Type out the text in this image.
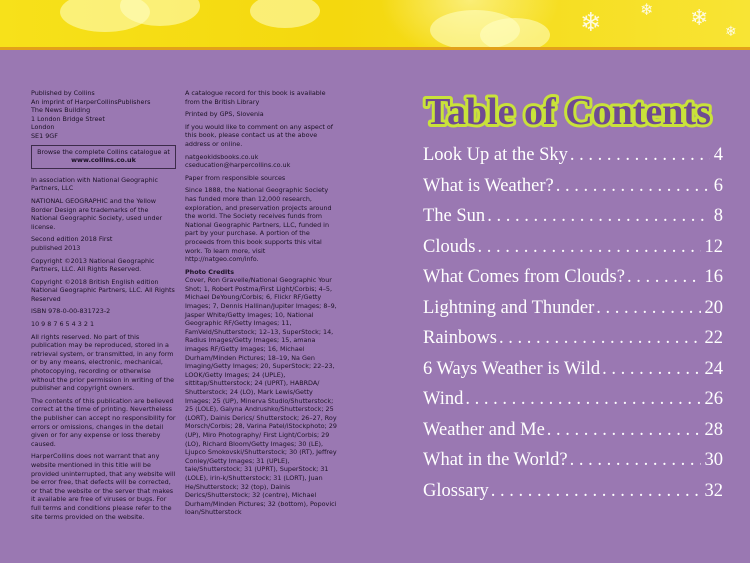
❄ ❄ ❄
❄

Published by Collins
An imprint of HarperCollinsPublishers
The News Building
1 London Bridge Street
London
SE1 9GF

Browse the complete Collins catalogue at
www.collins.co.uk

In association with National Geographic Partners, LLC

NATIONAL GEOGRAPHIC and the Yellow Border Design are trademarks of the National Geographic Society, used under license.

Second edition 2018 First published 2013

Copyright ©2013 National Geographic Partners, LLC. All Rights Reserved.

Copyright ©2018 British English edition National Geographic Partners, LLC. All Rights Reserved

ISBN 978-0-00-831723-2

10 9 8 7 6 5 4 3 2 1

All rights reserved. No part of this publication may be reproduced, stored in a retrieval system, or transmitted, in any form or by any means, electronic, mechanical, photocopying, recording or otherwise without the prior permission in writing of the publisher and copyright owners.

The contents of this publication are believed correct at the time of printing. Nevertheless the publisher can accept no responsibility for errors or omissions, changes in the detail given or for any expense or loss thereby caused.

HarperCollins does not warrant that any website mentioned in this title will be provided uninterrupted, that any website will be error free, that defects will be corrected, or that the website or the server that makes it available are free of viruses or bugs. For full terms and conditions please refer to the site terms provided on the website.

A catalogue record for this book is available from the British Library

Printed by GPS, Slovenia

If you would like to comment on any aspect of this book, please contact us at the above address or online.

natgeokidsbooks.co.uk cseducation@harpercollins.co.uk

Paper from responsible sources

Since 1888, the National Geographic Society has funded more than 12,000 research, exploration, and preservation projects around the world. The Society receives funds from National Geographic Partners, LLC, funded in part by your purchase. A portion of the proceeds from this book supports this vital work. To learn more, visit http://natgeo.com/info.

Photo Credits

Cover, Ron Gravelle/National Geographic Your Shot; 1, Robert Postma/First Light/Corbis; 4–5, Michael DeYoung/Corbis; 6, Flickr RF/Getty Images; 7, Dennis Hallinan/Jupiter Images; 8–9, Jasper White/Getty Images; 10, National Geographic RF/Getty Images; 11, FamVeld/Shutterstock; 12–13, SuperStock; 14, Radius Images/Getty Images; 15, amana images RF/Getty Images; 16, Michael Durham/Minden Pictures; 18–19, Na Gen Imaging/Getty Images; 20, SuperStock; 22–23, LOOK/Getty Images; 24 (UPLE), sittitap/Shutterstock; 24 (UPRT), HABRDA/ Shutterstock; 24 (LO), Mark Lewis/Getty Images; 25 (UP), Minerva Studio/Shutterstock; 25 (LOLE), Galyna Andrushko/Shutterstock; 25 (LORT), Dainis Derics/ Shutterstock; 26–27, Roy Morsch/Corbis; 28, Varina Patel/iStockphoto; 29 (UP), Miro Photography/ First Light/Corbis; 29 (LO), Richard Bloom/Getty Images; 30 (LE), Ljupco Smokovski/Shutterstock; 30 (RT), Jeffrey Conley/Getty Images; 31 (UPLE), taie/Shutterstock; 31 (UPRT), SuperStock; 31 (LOLE), irin-k/Shutterstock; 31 (LORT), Juan He/Shutterstock; 32 (top), Dainis Derics/Shutterstock; 32 (centre), Michael Durham/Minden Pictures; 32 (bottom), Popovici Ioan/Shutterstock

Table of Contents
Look Up at the Sky . . .	4
What is Weather? . . .	6
The Sun . . .	8
Clouds . . .	12
What Comes from Clouds? . . .	16
Lightning and Thunder . . .	20
Rainbows . . .	22
6 Ways Weather is Wild . . .	24
Wind . . .	26
Weather and Me . . .	28
What in the World? . . .	30
Glossary . . .	32
